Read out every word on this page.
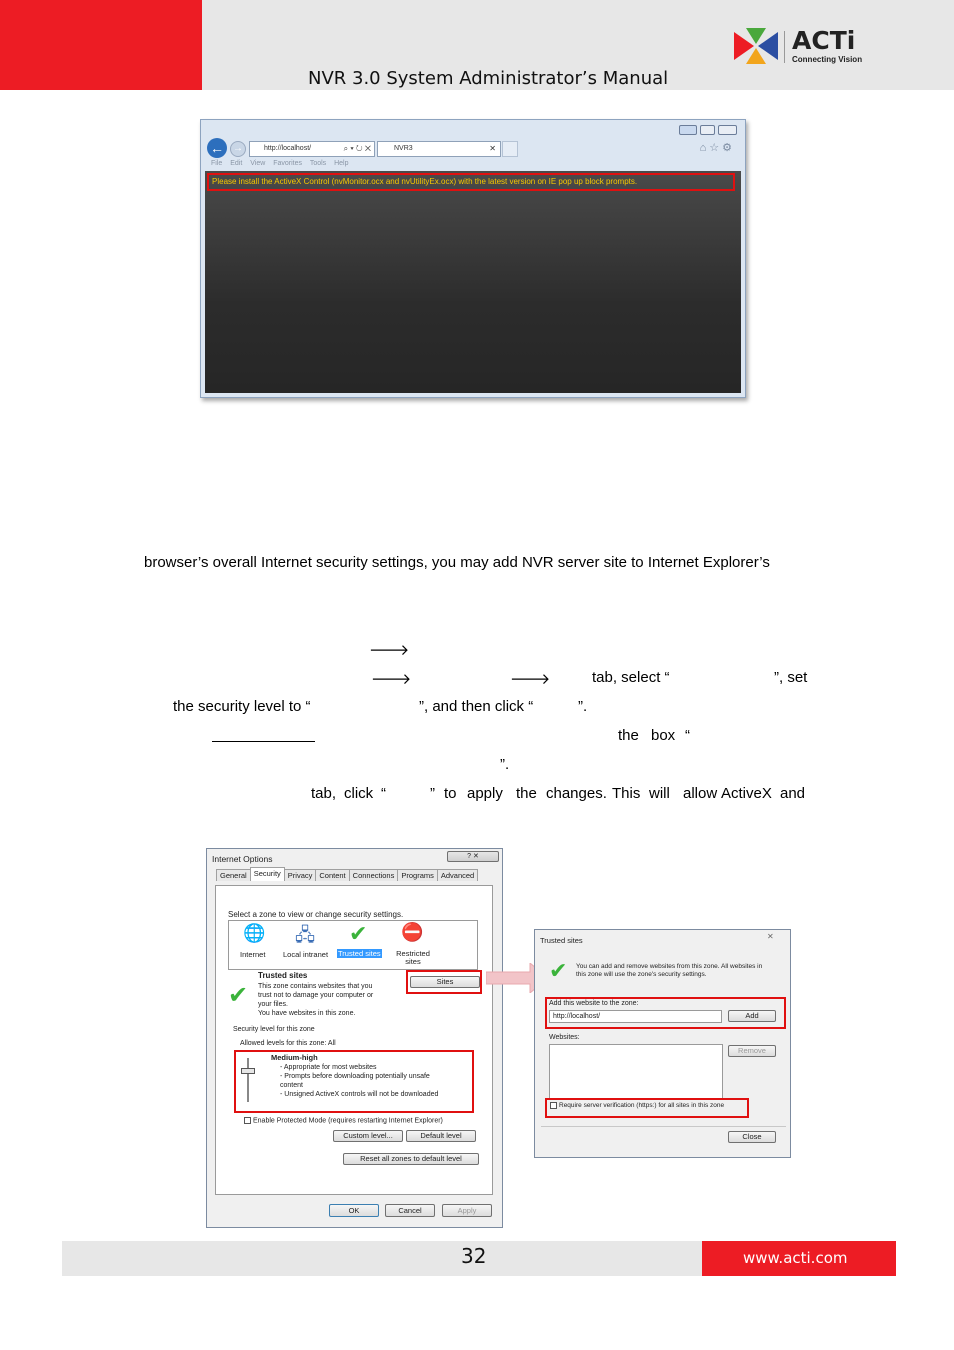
NVR 3.0 System Administrator’s Manual
ACTi
Connecting Vision
← →	http://localhost/	⌕ ▾ ↻ ✕	NVR3	✕	⌂☆⚙
File Edit View Favorites Tools Help
Please install the ActiveX Control (nvMonitor.ocx and nvUtilityEx.ocx) with the latest version on IE pop up block prompts.
browser’s overall Internet security settings, you may add NVR server site to Internet Explorer’s
🡒
🡒	🡒	tab, select “	”, set
the security level to “	”, and then click “	”.
the box “
”.
tab, click “	” to apply the changes. This will allow ActiveX and
Internet Options	? ✕
General Security Privacy Content Connections Programs Advanced
Select a zone to view or change security settings.
🌐
Internet
🖧
Local intranet
✔
Trusted sites
⛔
Restricted sites
Trusted sites
✔ This zone contains websites that you
trust not to damage your computer or
your files.
You have websites in this zone.
Sites
Security level for this zone
Allowed levels for this zone: All
Medium-high
- Appropriate for most websites
- Prompts before downloading potentially unsafe
content
- Unsigned ActiveX controls will not be downloaded
Enable Protected Mode (requires restarting Internet Explorer)
Custom level...	Default level
Reset all zones to default level
OK	Cancel	Apply
Trusted sites	✕
✔ You can add and remove websites from this zone. All websites in
this zone will use the zone's security settings.
Add this website to the zone:
http://localhost/	Add
Websites:
Remove
Require server verification (https:) for all sites in this zone
Close
32	www.acti.com
